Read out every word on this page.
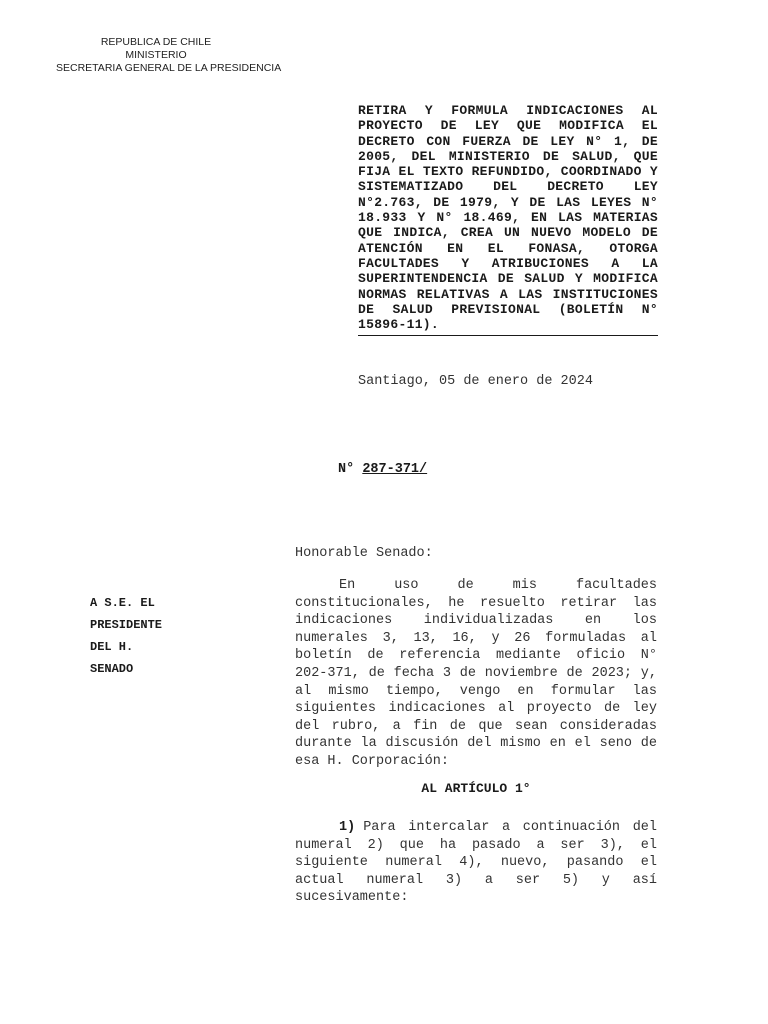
REPUBLICA DE CHILE
MINISTERIO
SECRETARIA GENERAL DE LA PRESIDENCIA
RETIRA Y FORMULA INDICACIONES AL PROYECTO DE LEY QUE MODIFICA EL DECRETO CON FUERZA DE LEY N° 1, DE 2005, DEL MINISTERIO DE SALUD, QUE FIJA EL TEXTO REFUNDIDO, COORDINADO Y SISTEMATIZADO DEL DECRETO LEY N°2.763, DE 1979, Y DE LAS LEYES N° 18.933 Y N° 18.469, EN LAS MATERIAS QUE INDICA, CREA UN NUEVO MODELO DE ATENCIÓN EN EL FONASA, OTORGA FACULTADES Y ATRIBUCIONES A LA SUPERINTENDENCIA DE SALUD Y MODIFICA NORMAS RELATIVAS A LAS INSTITUCIONES DE SALUD PREVISIONAL (BOLETÍN N° 15896-11).
Santiago, 05 de enero de 2024
N° 287-371/
A S.E. EL
PRESIDENTE
DEL H.
SENADO
Honorable Senado:

En uso de mis facultades constitucionales, he resuelto retirar las indicaciones individualizadas en los numerales 3, 13, 16, y 26 formuladas al boletín de referencia mediante oficio N° 202-371, de fecha 3 de noviembre de 2023; y, al mismo tiempo, vengo en formular las siguientes indicaciones al proyecto de ley del rubro, a fin de que sean consideradas durante la discusión del mismo en el seno de esa H. Corporación:

AL ARTÍCULO 1°

1) Para intercalar a continuación del numeral 2) que ha pasado a ser 3), el siguiente numeral 4), nuevo, pasando el actual numeral 3) a ser 5) y así sucesivamente:
